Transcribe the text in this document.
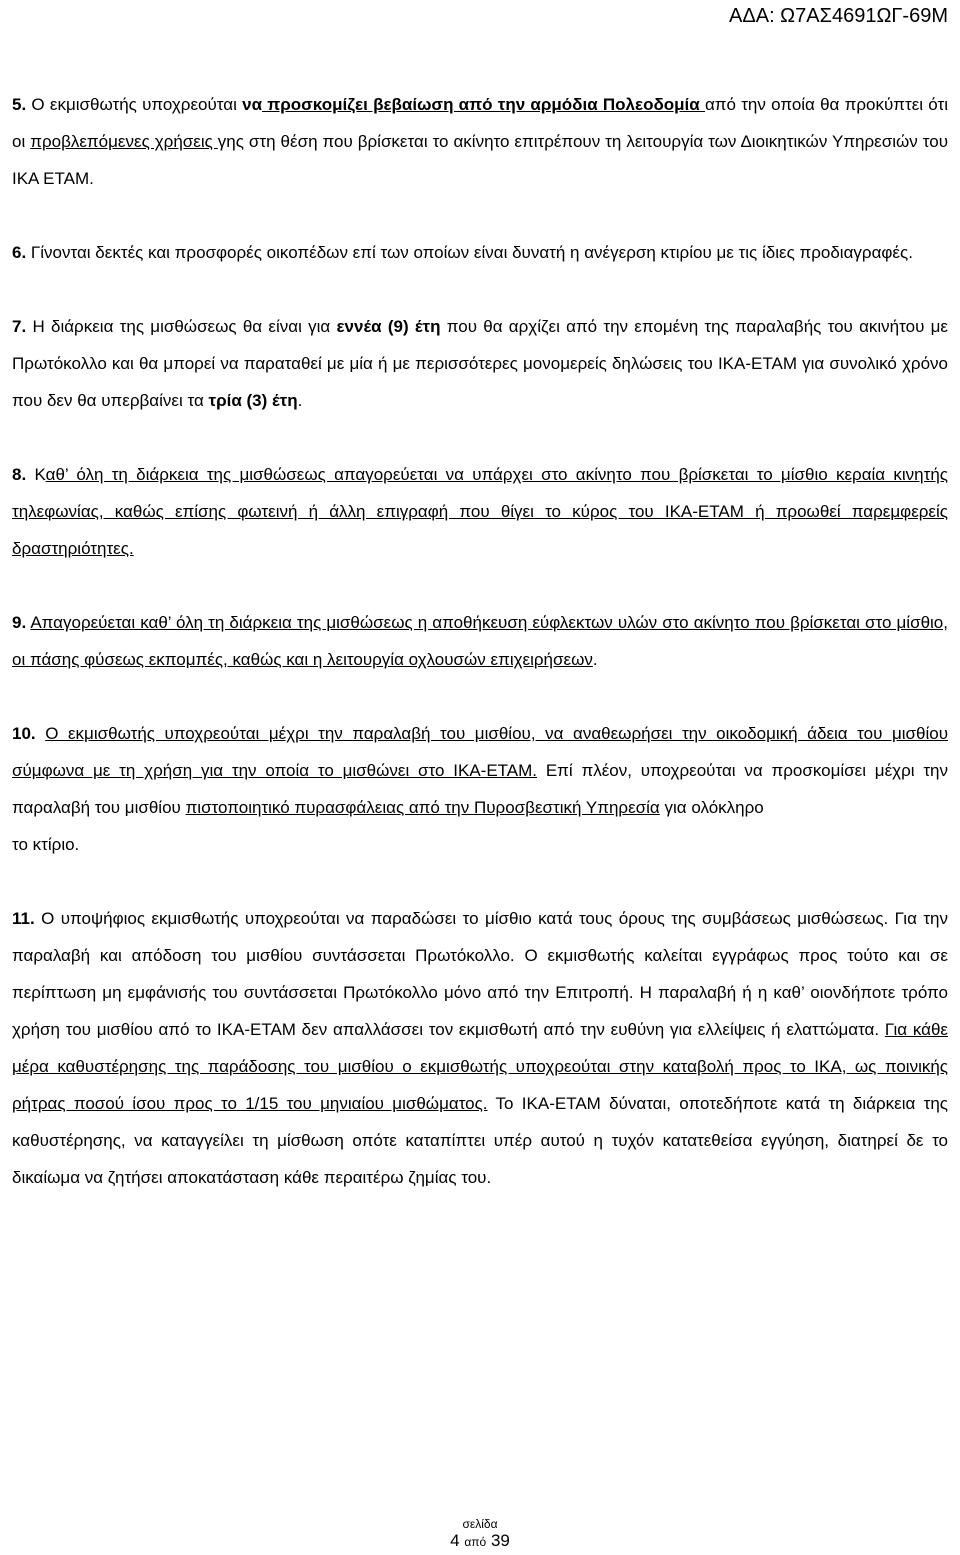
ΑΔΑ: Ω7ΑΣ4691ΩΓ-69Μ

5. Ο εκμισθωτής υποχρεούται να προσκομίζει βεβαίωση από την αρμόδια Πολεοδομία από την οποία θα προκύπτει ότι οι προβλεπόμενες χρήσεις γης στη θέση που βρίσκεται το ακίνητο επιτρέπουν τη λειτουργία των Διοικητικών Υπηρεσιών του ΙΚΑ ΕΤΑΜ.

6. Γίνονται δεκτές και προσφορές οικοπέδων επί των οποίων είναι δυνατή η ανέγερση κτιρίου με τις ίδιες προδιαγραφές.

7. Η διάρκεια της μισθώσεως θα είναι για εννέα (9) έτη που θα αρχίζει από την επομένη της παραλαβής του ακινήτου με Πρωτόκολλο και θα μπορεί να παραταθεί με μία ή με περισσότερες μονομερείς δηλώσεις του ΙΚΑ-ΕΤΑΜ για συνολικό χρόνο που δεν θα υπερβαίνει τα τρία (3) έτη.

8. Καθ’ όλη τη διάρκεια της μισθώσεως απαγορεύεται να υπάρχει στο ακίνητο που βρίσκεται το μίσθιο κεραία κινητής τηλεφωνίας, καθώς επίσης φωτεινή ή άλλη επιγραφή που θίγει το κύρος του ΙΚΑ-ΕΤΑΜ ή προωθεί παρεμφερείς δραστηριότητες.

9. Απαγορεύεται καθ’ όλη τη διάρκεια της μισθώσεως η αποθήκευση εύφλεκτων υλών στο ακίνητο που βρίσκεται στο μίσθιο, οι πάσης φύσεως εκπομπές, καθώς και η λειτουργία οχλουσών επιχειρήσεων.

10. Ο εκμισθωτής υποχρεούται μέχρι την παραλαβή του μισθίου, να αναθεωρήσει την οικοδομική άδεια του μισθίου σύμφωνα με τη χρήση για την οποία το μισθώνει στο ΙΚΑ-ΕΤΑΜ. Επί πλέον, υποχρεούται να προσκομίσει μέχρι την παραλαβή του μισθίου πιστοποιητικό πυρασφάλειας από την Πυροσβεστική Υπηρεσία για ολόκληρο
το κτίριο.

11. Ο υποψήφιος εκμισθωτής υποχρεούται να παραδώσει το μίσθιο κατά τους όρους της συμβάσεως μισθώσεως. Για την παραλαβή και απόδοση του μισθίου συντάσσεται Πρωτόκολλο. Ο εκμισθωτής καλείται εγγράφως προς τούτο και σε περίπτωση μη εμφάνισής του συντάσσεται Πρωτόκολλο μόνο από την Επιτροπή. Η παραλαβή ή η καθ’ οιονδήποτε τρόπο χρήση του μισθίου από το ΙΚΑ-ΕΤΑΜ δεν απαλλάσσει τον εκμισθωτή από την ευθύνη για ελλείψεις ή ελαττώματα. Για κάθε μέρα καθυστέρησης της παράδοσης του μισθίου ο εκμισθωτής υποχρεούται στην καταβολή προς το ΙΚΑ, ως ποινικής ρήτρας ποσού ίσου προς το 1/15 του μηνιαίου μισθώματος. Το ΙΚΑ-ΕΤΑΜ δύναται, οποτεδήποτε κατά τη διάρκεια της καθυστέρησης, να καταγγείλει τη μίσθωση οπότε καταπίπτει υπέρ αυτού η τυχόν κατατεθείσα εγγύηση, διατηρεί δε το δικαίωμα να ζητήσει αποκατάσταση κάθε περαιτέρω ζημίας του.

σελίδα
4 από 39
